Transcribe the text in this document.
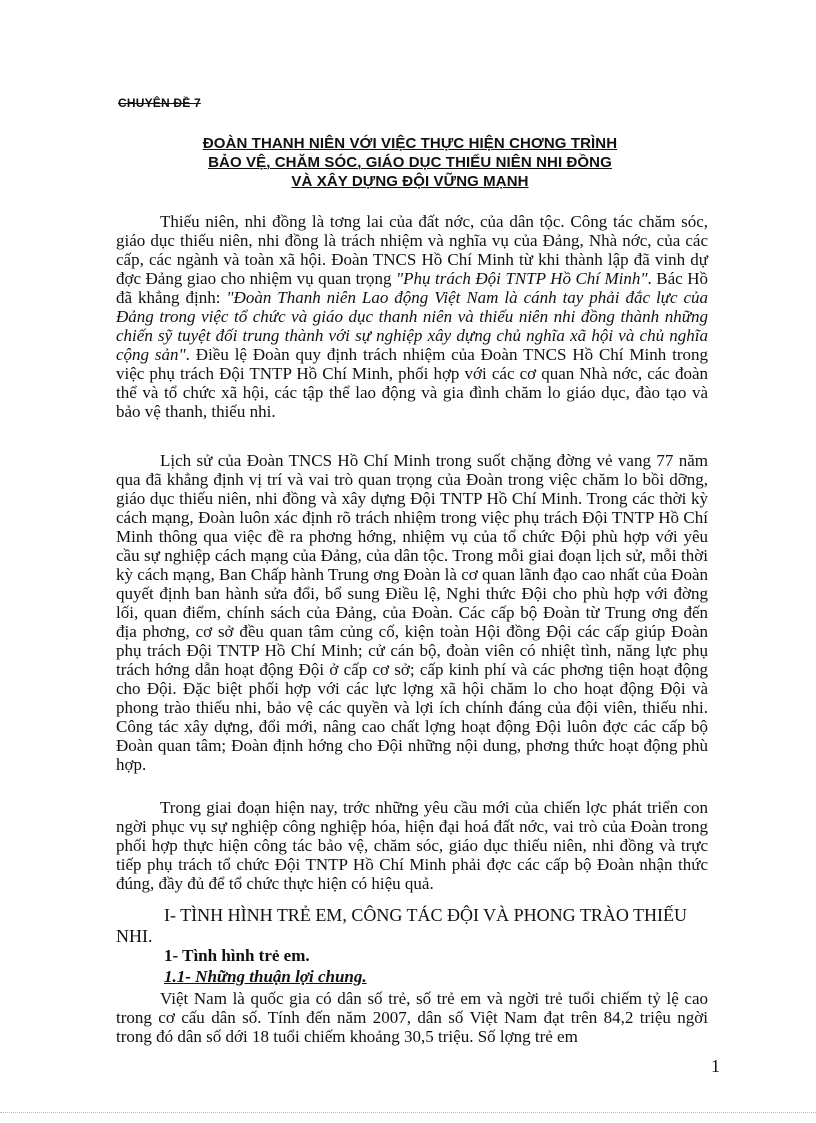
CHUYÊN ĐỀ 7
ĐOÀN THANH NIÊN VỚI VIỆC THỰC HIỆN CHƠNG TRÌNH
BẢO VỆ, CHĂM SÓC, GIÁO DỤC THIẾU NIÊN NHI ĐỒNG
VÀ XÂY DỰNG ĐỘI VỮNG MẠNH

Thiếu niên, nhi đồng là tơng lai của đất nớc, của dân tộc. Công tác chăm sóc, giáo dục thiếu niên, nhi đồng là trách nhiệm và nghĩa vụ của Đảng, Nhà nớc, của các cấp, các ngành và toàn xã hội. Đoàn TNCS Hồ Chí Minh từ khi thành lập đã vinh dự đợc Đảng giao cho nhiệm vụ quan trọng "Phụ trách Đội TNTP Hồ Chí Minh". Bác Hồ đã khẳng định: "Đoàn Thanh niên Lao động Việt Nam là cánh tay phải đắc lực của Đảng trong việc tổ chức và giáo dục thanh niên và thiếu niên nhi đồng thành những chiến sỹ tuyệt đối trung thành với sự nghiệp xây dựng chủ nghĩa xã hội và chủ nghĩa cộng sản". Điều lệ Đoàn quy định trách nhiệm của Đoàn TNCS Hồ Chí Minh trong việc phụ trách Đội TNTP Hồ Chí Minh, phối hợp với các cơ quan Nhà nớc, các đoàn thể và tổ chức xã hội, các tập thể lao động và gia đình chăm lo giáo dục, đào tạo và bảo vệ thanh, thiếu nhi.

Lịch sử của Đoàn TNCS Hồ Chí Minh trong suốt chặng đờng vẻ vang 77 năm qua đã khẳng định vị trí và vai trò quan trọng của Đoàn trong việc chăm lo bồi dỡng, giáo dục thiếu niên, nhi đồng và xây dựng Đội TNTP Hồ Chí Minh. Trong các thời kỳ cách mạng, Đoàn luôn xác định rõ trách nhiệm trong việc phụ trách Đội TNTP Hồ Chí Minh thông qua việc đề ra phơng hớng, nhiệm vụ của tổ chức Đội phù hợp với yêu cầu sự nghiệp cách mạng của Đảng, của dân tộc. Trong mỗi giai đoạn lịch sử, mỗi thời kỳ cách mạng, Ban Chấp hành Trung ơng Đoàn là cơ quan lãnh đạo cao nhất của Đoàn quyết định ban hành sửa đổi, bổ sung Điều lệ, Nghi thức Đội cho phù hợp với đờng lối, quan điểm, chính sách của Đảng, của Đoàn. Các cấp bộ Đoàn từ Trung ơng đến địa phơng, cơ sở đều quan tâm củng cố, kiện toàn Hội đồng Đội các cấp giúp Đoàn phụ trách Đội TNTP Hồ Chí Minh; cử cán bộ, đoàn viên có nhiệt tình, năng lực phụ trách hớng dẫn hoạt động Đội ở cấp cơ sở; cấp kinh phí và các phơng tiện hoạt động cho Đội. Đặc biệt phối hợp với các lực lợng xã hội chăm lo cho hoạt động Đội và phong trào thiếu nhi, bảo vệ các quyền và lợi ích chính đáng của đội viên, thiếu nhi. Công tác xây dựng, đổi mới, nâng cao chất lợng hoạt động Đội luôn đợc các cấp bộ Đoàn quan tâm; Đoàn định hớng cho Đội những nội dung, phơng thức hoạt động phù hợp.

Trong giai đoạn hiện nay, trớc những yêu cầu mới của chiến lợc phát triển con ngời phục vụ sự nghiệp công nghiệp hóa, hiện đại hoá đất nớc, vai trò của Đoàn trong phối hợp thực hiện công tác bảo vệ, chăm sóc, giáo dục thiếu niên, nhi đồng và trực tiếp phụ trách tổ chức Đội TNTP Hồ Chí Minh phải đợc các cấp bộ Đoàn nhận thức đúng, đầy đủ để tổ chức thực hiện có hiệu quả.

I- TÌNH HÌNH TRẺ EM, CÔNG TÁC ĐỘI VÀ PHONG TRÀO THIẾU NHI.
1- Tình hình trẻ em.
1.1- Những thuận lợi chung.

Việt Nam là quốc gia có dân số trẻ, số trẻ em và ngời trẻ tuổi chiếm tỷ lệ cao trong cơ cấu dân số. Tính đến năm 2007, dân số Việt Nam đạt trên 84,2 triệu ngời trong đó dân số dới 18 tuổi chiếm khoảng 30,5 triệu. Số lợng trẻ em

1
